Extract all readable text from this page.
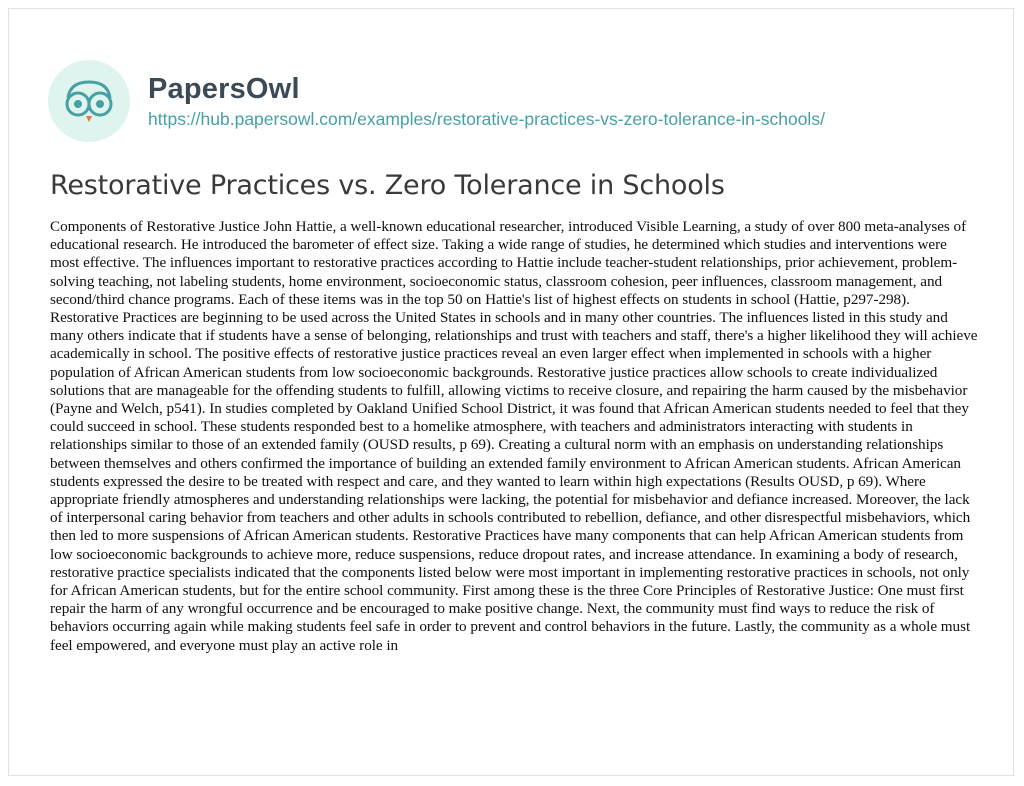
PapersOwl
https://hub.papersowl.com/examples/restorative-practices-vs-zero-tolerance-in-schools/
Restorative Practices vs. Zero Tolerance in Schools

Components of Restorative Justice John Hattie, a well-known educational researcher, introduced Visible Learning, a study of over 800 meta-analyses of educational research. He introduced the barometer of effect size. Taking a wide range of studies, he determined which studies and interventions were most effective. The influences important to restorative practices according to Hattie include teacher-student relationships, prior achievement, problem-solving teaching, not labeling students, home environment, socioeconomic status, classroom cohesion, peer influences, classroom management, and second/third chance programs. Each of these items was in the top 50 on Hattie's list of highest effects on students in school (Hattie, p297-298). Restorative Practices are beginning to be used across the United States in schools and in many other countries. The influences listed in this study and many others indicate that if students have a sense of belonging, relationships and trust with teachers and staff, there's a higher likelihood they will achieve academically in school. The positive effects of restorative justice practices reveal an even larger effect when implemented in schools with a higher population of African American students from low socioeconomic backgrounds. Restorative justice practices allow schools to create individualized solutions that are manageable for the offending students to fulfill, allowing victims to receive closure, and repairing the harm caused by the misbehavior (Payne and Welch, p541). In studies completed by Oakland Unified School District, it was found that African American students needed to feel that they could succeed in school. These students responded best to a homelike atmosphere, with teachers and administrators interacting with students in relationships similar to those of an extended family (OUSD results, p 69). Creating a cultural norm with an emphasis on understanding relationships between themselves and others confirmed the importance of building an extended family environment to African American students. African American students expressed the desire to be treated with respect and care, and they wanted to learn within high expectations (Results OUSD, p 69). Where appropriate friendly atmospheres and understanding relationships were lacking, the potential for misbehavior and defiance increased. Moreover, the lack of interpersonal caring behavior from teachers and other adults in schools contributed to rebellion, defiance, and other disrespectful misbehaviors, which then led to more suspensions of African American students. Restorative Practices have many components that can help African American students from low socioeconomic backgrounds to achieve more, reduce suspensions, reduce dropout rates, and increase attendance. In examining a body of research, restorative practice specialists indicated that the components listed below were most important in implementing restorative practices in schools, not only for African American students, but for the entire school community. First among these is the three Core Principles of Restorative Justice: One must first repair the harm of any wrongful occurrence and be encouraged to make positive change. Next, the community must find ways to reduce the risk of behaviors occurring again while making students feel safe in order to prevent and control behaviors in the future. Lastly, the community as a whole must feel empowered, and everyone must play an active role in
